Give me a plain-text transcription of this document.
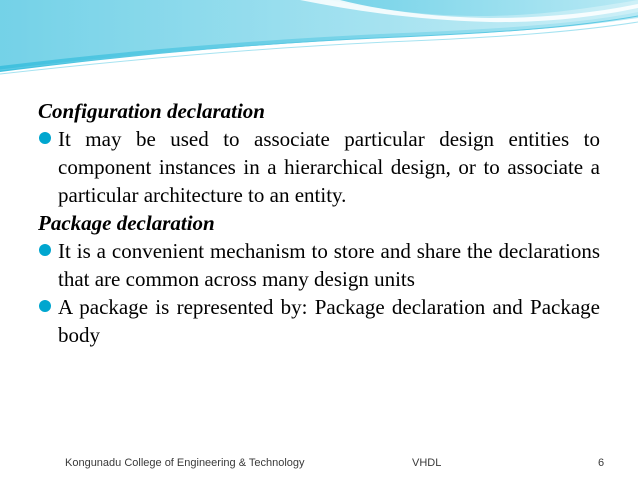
Configuration declaration

It may be used to associate particular design entities to component instances in a hierarchical design, or to associate a particular architecture to an entity.

Package declaration

It is a convenient mechanism to store and share the declarations that are common across many design units

A package is represented by: Package declaration and Package body

Kongunadu College of Engineering & Technology	VHDL	6
